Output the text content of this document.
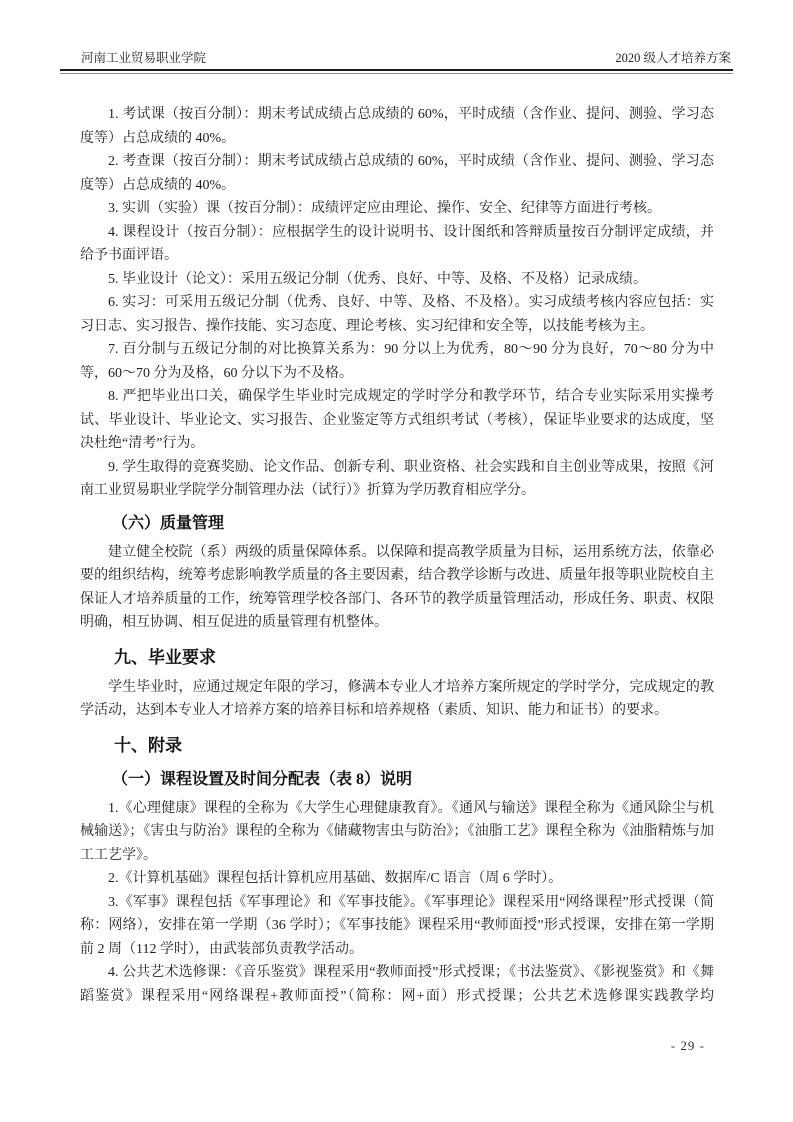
河南工业贸易职业学院	2020 级人才培养方案

1. 考试课（按百分制）：期末考试成绩占总成绩的 60%，平时成绩（含作业、提问、测验、学习态度等）占总成绩的 40%。

2. 考查课（按百分制）：期末考试成绩占总成绩的 60%，平时成绩（含作业、提问、测验、学习态度等）占总成绩的 40%。

3. 实训（实验）课（按百分制）：成绩评定应由理论、操作、安全、纪律等方面进行考核。

4. 课程设计（按百分制）：应根据学生的设计说明书、设计图纸和答辩质量按百分制评定成绩，并给予书面评语。

5. 毕业设计（论文）：采用五级记分制（优秀、良好、中等、及格、不及格）记录成绩。

6. 实习：可采用五级记分制（优秀、良好、中等、及格、不及格）。实习成绩考核内容应包括：实习日志、实习报告、操作技能、实习态度、理论考核、实习纪律和安全等，以技能考核为主。

7. 百分制与五级记分制的对比换算关系为：90 分以上为优秀，80～90 分为良好，70～80 分为中等，60～70 分为及格，60 分以下为不及格。

8. 严把毕业出口关，确保学生毕业时完成规定的学时学分和教学环节，结合专业实际采用实操考试、毕业设计、毕业论文、实习报告、企业鉴定等方式组织考试（考核），保证毕业要求的达成度，坚决杜绝“清考”行为。

9. 学生取得的竞赛奖励、论文作品、创新专利、职业资格、社会实践和自主创业等成果，按照《河南工业贸易职业学院学分制管理办法（试行）》折算为学历教育相应学分。

（六）质量管理

建立健全校院（系）两级的质量保障体系。以保障和提高教学质量为目标，运用系统方法，依靠必要的组织结构，统筹考虑影响教学质量的各主要因素，结合教学诊断与改进、质量年报等职业院校自主保证人才培养质量的工作，统筹管理学校各部门、各环节的教学质量管理活动，形成任务、职责、权限明确，相互协调、相互促进的质量管理有机整体。

九、毕业要求

学生毕业时，应通过规定年限的学习，修满本专业人才培养方案所规定的学时学分，完成规定的教学活动，达到本专业人才培养方案的培养目标和培养规格（素质、知识、能力和证书）的要求。

十、附录
（一）课程设置及时间分配表（表 8）说明

1.《心理健康》课程的全称为《大学生心理健康教育》。《通风与输送》课程全称为《通风除尘与机械输送》；《害虫与防治》课程的全称为《储藏物害虫与防治》；《油脂工艺》课程全称为《油脂精炼与加工工艺学》。

2.《计算机基础》课程包括计算机应用基础、数据库/C 语言（周 6 学时）。

3.《军事》课程包括《军事理论》和《军事技能》。《军事理论》课程采用“网络课程”形式授课（简称：网络），安排在第一学期（36 学时）；《军事技能》课程采用“教师面授”形式授课，安排在第一学期前 2 周（112 学时），由武装部负责教学活动。

4. 公共艺术选修课：《音乐鉴赏》课程采用“教师面授”形式授课；《书法鉴赏》、《影视鉴赏》和《舞蹈鉴赏》课程采用“网络课程+教师面授”（简称：网+面）形式授课；公共艺术选修课实践教学均

- 29 -
